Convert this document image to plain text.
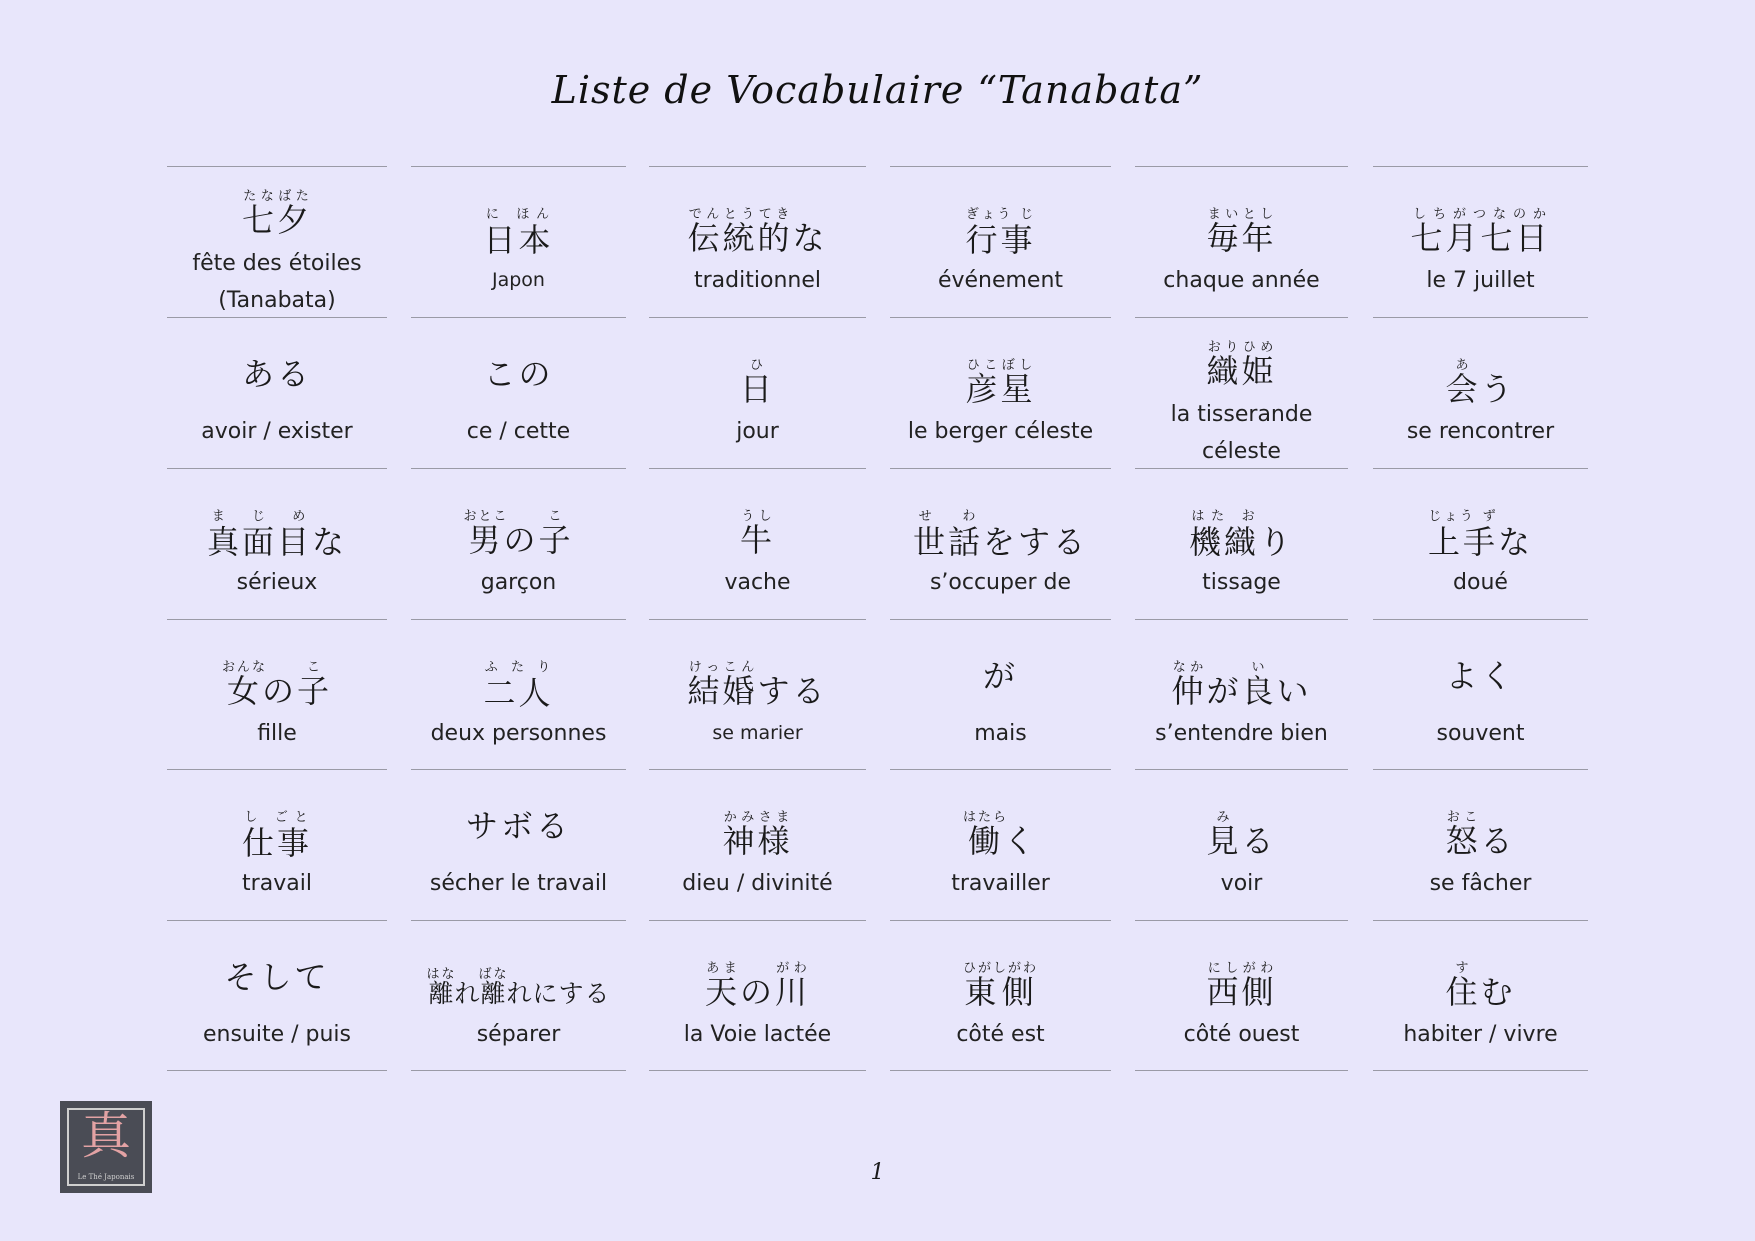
Liste de Vocabulaire “Tanabata”
七夕たなばた
fête des étoiles
(Tanabata)
日本に ほん
Japon
伝統的でんとうてきな
traditionnel
行事ぎょう じ
événement
毎年まいとし
chaque année
七月七日しちがつなのか
le 7 juillet
ある
avoir / exister
この
ce / cette
日ひ
jour
彦星ひこぼし
le berger céleste
織姫おりひめ
la tisserande
céleste
会あう
se rencontrer
真面目ま じ めな
sérieux
男おとこの子こ
garçon
牛うし
vache
世話せ わをする
s’occuper de
機織はた おり
tissage
上手じょう ずな
doué
女おんなの子こ
fille
二人ふ た り
deux personnes
結婚けっこんする
se marier
が
mais
仲なかが良いい
s’entendre bien
よく
souvent
仕事し ごと
travail
サボる
sécher le travail
神様かみさま
dieu / divinité
働はたらく
travailler
見みる
voir
怒おこる
se fâcher
そして
ensuite / puis
離はなれ離ばなれにする
séparer
天あまの川がわ
la Voie lactée
東側ひがしがわ
côté est
西側にしがわ
côté ouest
住すむ
habiter / vivre
真
Le Thé Japonais	1
